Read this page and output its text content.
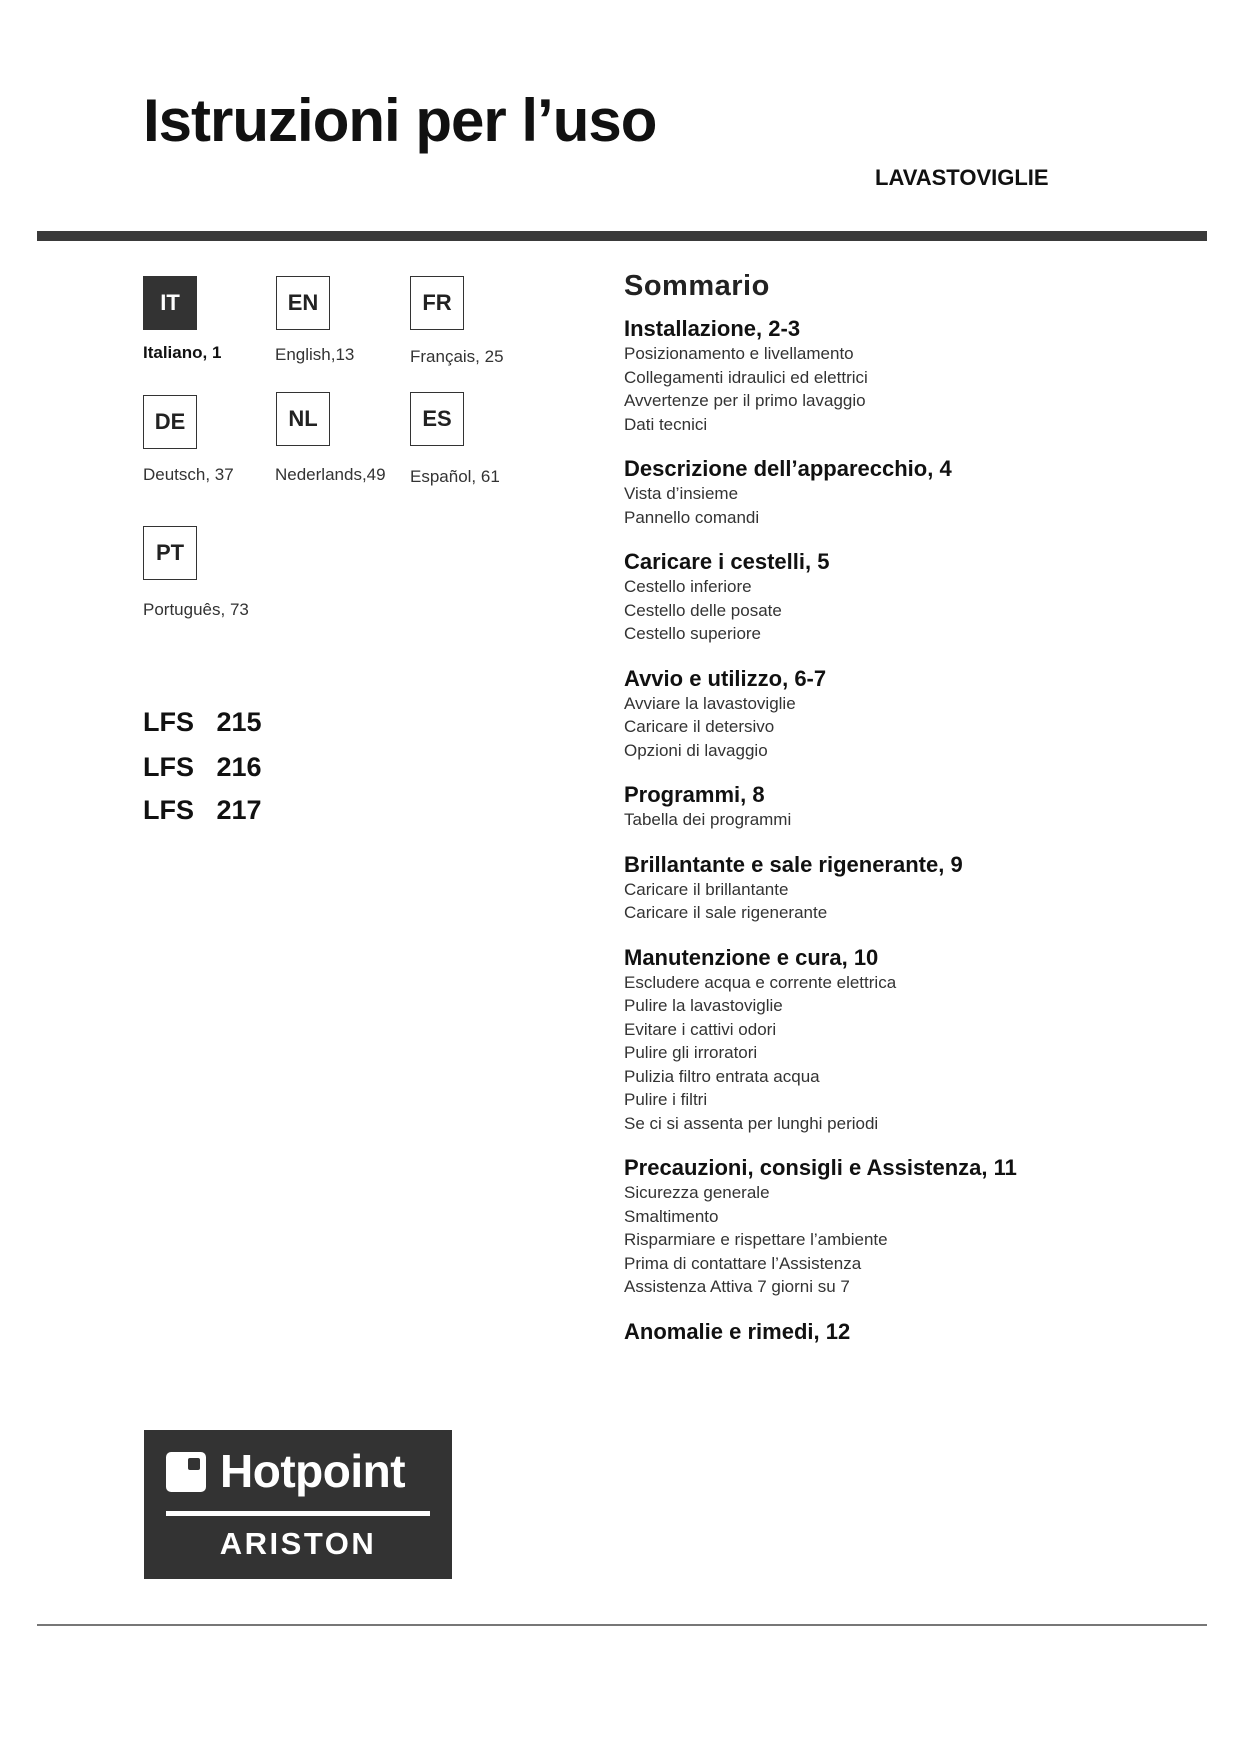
Istruzioni per l’uso
LAVASTOVIGLIE
IT
Italiano, 1
EN
English,13
FR
Français, 25
DE
Deutsch, 37
NL
Nederlands,49
ES
Español, 61
PT
Português, 73
LFS   215
LFS   216
LFS   217
Sommario
Installazione, 2-3
Posizionamento e livellamento
Collegamenti idraulici ed elettrici
Avvertenze per il primo lavaggio
Dati tecnici
Descrizione dell’apparecchio, 4
Vista d’insieme
Pannello comandi
Caricare i cestelli, 5
Cestello inferiore
Cestello delle posate
Cestello superiore
Avvio e utilizzo, 6-7
Avviare la lavastoviglie
Caricare il detersivo
Opzioni di lavaggio
Programmi, 8
Tabella dei programmi
Brillantante e sale rigenerante, 9
Caricare il brillantante
Caricare il sale rigenerante
Manutenzione e cura, 10
Escludere acqua e corrente elettrica
Pulire la lavastoviglie
Evitare i cattivi odori
Pulire gli irroratori
Pulizia filtro entrata acqua
Pulire i filtri
Se ci si assenta per lunghi periodi
Precauzioni, consigli e Assistenza, 11
Sicurezza generale
Smaltimento
Risparmiare e rispettare l’ambiente
Prima di contattare l’Assistenza
Assistenza Attiva 7 giorni su 7
Anomalie e rimedi, 12
Hotpoint
ARISTON
